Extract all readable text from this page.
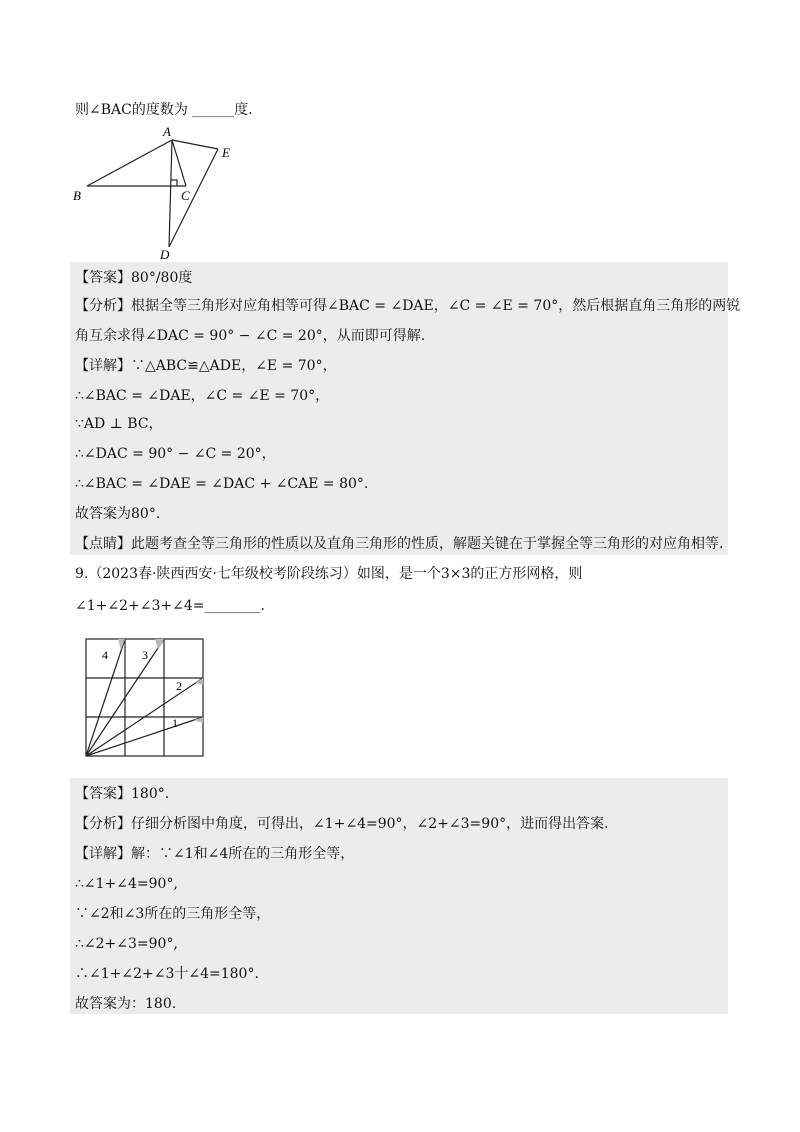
则∠BAC的度数为 ______度.
A
B	C
D
E
【答案】80°/80度
【分析】根据全等三角形对应角相等可得∠BAC = ∠DAE，∠C = ∠E = 70°，然后根据直角三角形的两锐
角互余求得∠DAC = 90° − ∠C = 20°，从而即可得解.
【详解】∵△ABC≌△ADE，∠E = 70°，
∴∠BAC = ∠DAE，∠C = ∠E = 70°，
∵AD ⊥ BC，
∴∠DAC = 90° − ∠C = 20°，
∴∠BAC = ∠DAE = ∠DAC + ∠CAE = 80°.
故答案为80°.
【点睛】此题考查全等三角形的性质以及直角三角形的性质，解题关键在于掌握全等三角形的对应角相等.
9.（2023春·陕西西安·七年级校考阶段练习）如图，是一个3×3的正方形网格，则
∠1+∠2+∠3+∠4=________.
4	3
2
1
【答案】180°.
【分析】仔细分析图中角度，可得出，∠1+∠4=90°，∠2+∠3=90°，进而得出答案.
【详解】解：∵∠1和∠4所在的三角形全等，
∴∠1+∠4=90°,
∵∠2和∠3所在的三角形全等，
∴∠2+∠3=90°,
∴∠1+∠2+∠3十∠4=180°.
故答案为：180.
